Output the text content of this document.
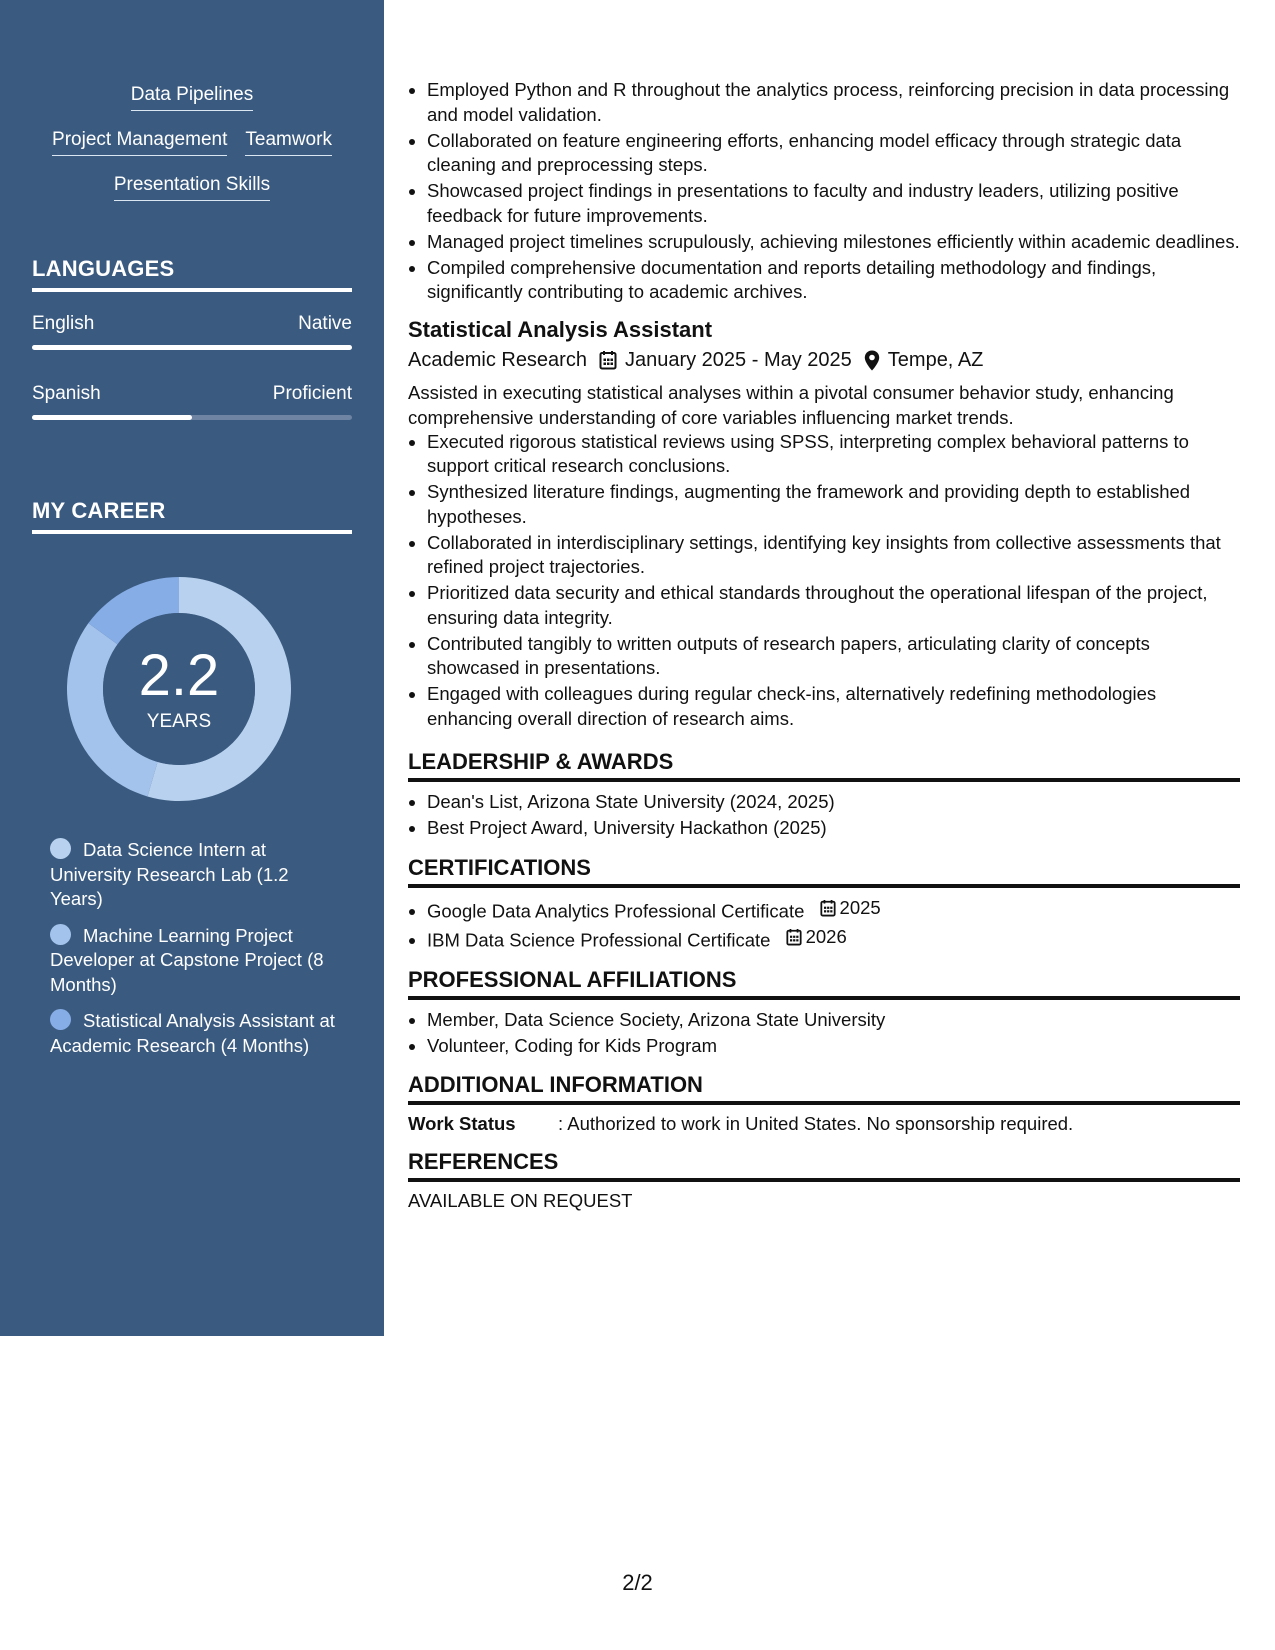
Data Pipelines
Project Management Teamwork
Presentation Skills
LANGUAGES
English	Native
Spanish	Proficient
MY CAREER
2.2
YEARS
Data Science Intern at University Research Lab (1.2 Years)
Machine Learning Project Developer at Capstone Project (8 Months)
Statistical Analysis Assistant at Academic Research (4 Months)
• Employed Python and R throughout the analytics process, reinforcing precision in data processing and model validation.
• Collaborated on feature engineering efforts, enhancing model efficacy through strategic data cleaning and preprocessing steps.
• Showcased project findings in presentations to faculty and industry leaders, utilizing positive feedback for future improvements.
• Managed project timelines scrupulously, achieving milestones efficiently within academic deadlines.
• Compiled comprehensive documentation and reports detailing methodology and findings, significantly contributing to academic archives.
Statistical Analysis Assistant
Academic Research January 2025 - May 2025 Tempe, AZ
Assisted in executing statistical analyses within a pivotal consumer behavior study, enhancing comprehensive understanding of core variables influencing market trends.
• Executed rigorous statistical reviews using SPSS, interpreting complex behavioral patterns to support critical research conclusions.
• Synthesized literature findings, augmenting the framework and providing depth to established hypotheses.
• Collaborated in interdisciplinary settings, identifying key insights from collective assessments that refined project trajectories.
• Prioritized data security and ethical standards throughout the operational lifespan of the project, ensuring data integrity.
• Contributed tangibly to written outputs of research papers, articulating clarity of concepts showcased in presentations.
• Engaged with colleagues during regular check-ins, alternatively redefining methodologies enhancing overall direction of research aims.
LEADERSHIP & AWARDS
• Dean's List, Arizona State University (2024, 2025)
• Best Project Award, University Hackathon (2025)
CERTIFICATIONS
• Google Data Analytics Professional Certificate 2025
• IBM Data Science Professional Certificate 2026
PROFESSIONAL AFFILIATIONS
• Member, Data Science Society, Arizona State University
• Volunteer, Coding for Kids Program
ADDITIONAL INFORMATION
Work Status	: Authorized to work in United States. No sponsorship required.
REFERENCES
AVAILABLE ON REQUEST
2/2
